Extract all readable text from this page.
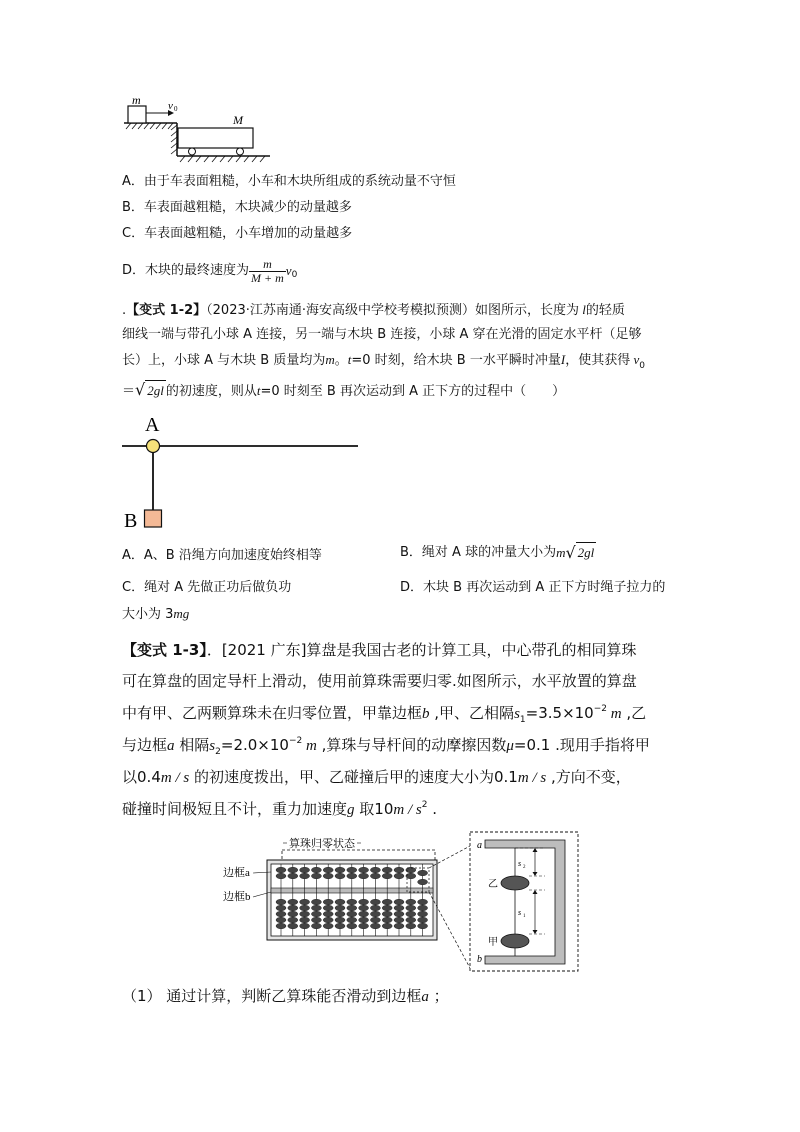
m v 0
M
A．由于车表面粗糙，小车和木块所组成的系统动量不守恒
B．车表面越粗糙，木块减少的动量越多
C．车表面越粗糙，小车增加的动量越多
D．木块的最终速度为 $\frac{m}{M + m}$ v 0
.【变式 1-2】（2023·江苏南通·海安高级中学校考模拟预测）如图所示，长度为 l的轻质
细线一端与带孔小球 A 连接，另一端与木块 B 连接，小球 A 穿在光滑的固定水平杆（足够
长）上，小球 A 与木块 B 质量均为m。t=0 时刻，给木块 B 一水平瞬时冲量I，使其获得 $v_0$
＝√ 2gl 的初速度，则从t=0 时刻至 B 再次运动到 A 正下方的过程中（　　）
A
B
A．A、B 沿绳方向加速度始终相等	B．绳对 A 球的冲量大小为 m √ 2gl
C．绳对 A 先做正功后做负功	D．木块 B 再次运动到 A 正下方时绳子拉力的
大小为 3mg
【变式 1-3】．[2021 广东]算盘是我国古老的计算工具，中心带孔的相同算珠
可在算盘的固定导杆上滑动，使用前算珠需要归零.如图所示，水平放置的算盘
中有甲、乙两颗算珠未在归零位置，甲靠边框b ,甲、乙相隔$s_1=3.5\times 10^{-2}$ m ,乙
与边框a 相隔$s_2=2.0\times 10^{-2}$ m ,算珠与导杆间的动摩擦因数μ=0.1 .现用手指将甲
以0.4m / s 的初速度拨出，甲、乙碰撞后甲的速度大小为0.1m / s ,方向不变，
碰撞时间极短且不计，重力加速度g 取$10m / s^2$ .
算珠归零状态
边框a
边框b
s 2
s 1
a
b
乙
甲
（1） 通过计算，判断乙算珠能否滑动到边框a ；
